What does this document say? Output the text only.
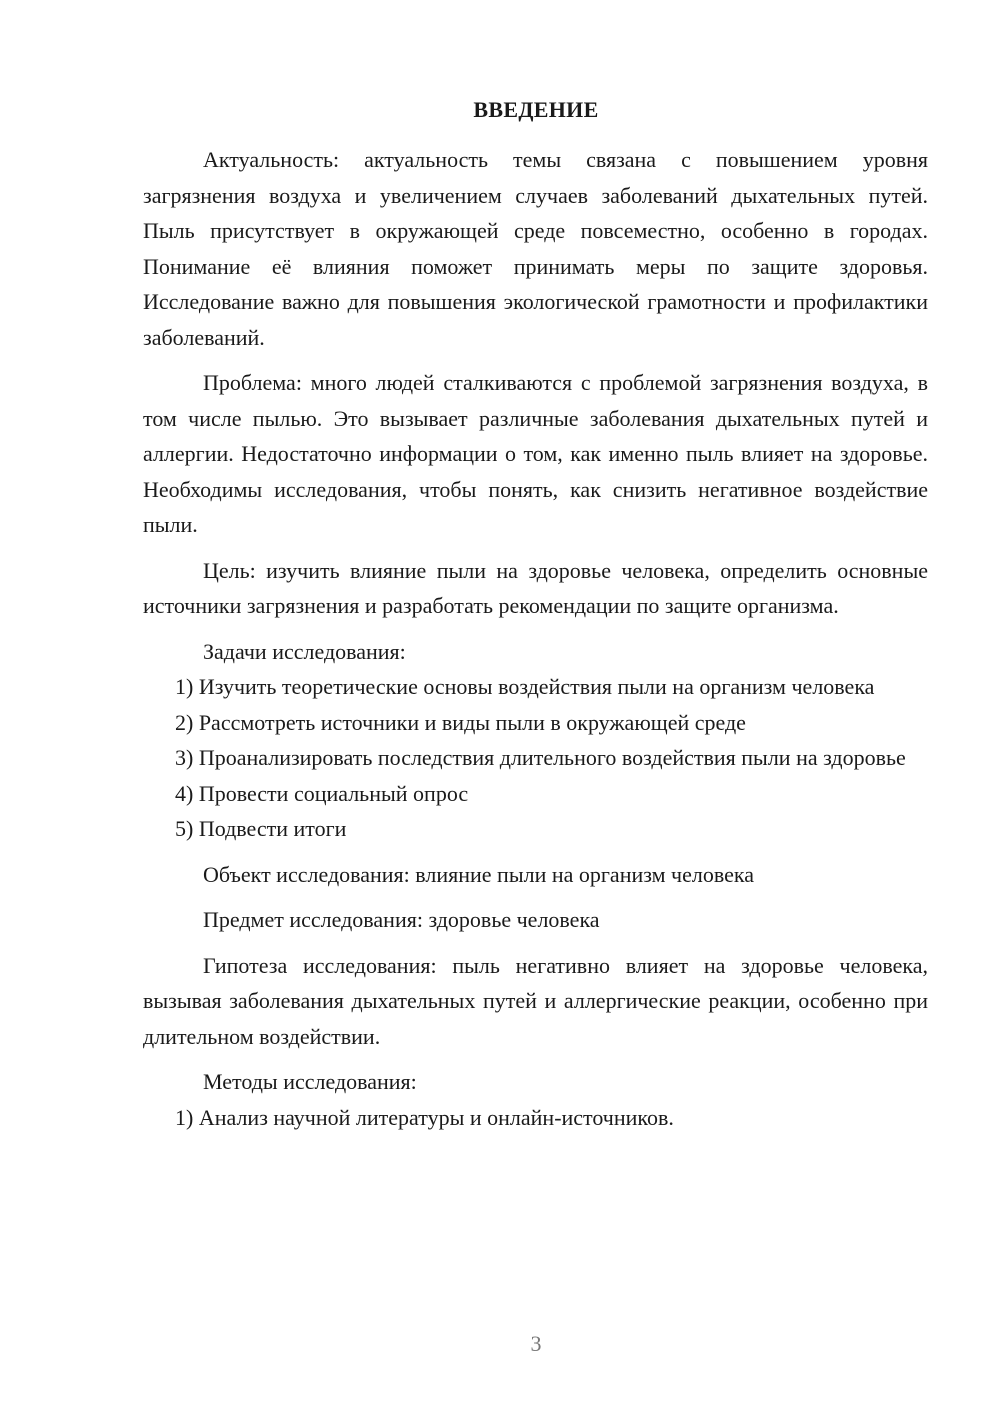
ВВЕДЕНИЕ

Актуальность: актуальность темы связана с повышением уровня загрязнения воздуха и увеличением случаев заболеваний дыхательных путей. Пыль присутствует в окружающей среде повсеместно, особенно в городах. Понимание её влияния поможет принимать меры по защите здоровья. Исследование важно для повышения экологической грамотности и профилактики заболеваний.

Проблема: много людей сталкиваются с проблемой загрязнения воздуха, в том числе пылью. Это вызывает различные заболевания дыхательных путей и аллергии. Недостаточно информации о том, как именно пыль влияет на здоровье. Необходимы исследования, чтобы понять, как снизить негативное воздействие пыли.

Цель: изучить влияние пыли на здоровье человека, определить основные источники загрязнения и разработать рекомендации по защите организма.

Задачи исследования:

1) Изучить теоретические основы воздействия пыли на организм человека

2) Рассмотреть источники и виды пыли в окружающей среде

3) Проанализировать последствия длительного воздействия пыли на здоровье

4) Провести социальный опрос

5) Подвести итоги

Объект исследования: влияние пыли на организм человека

Предмет исследования: здоровье человека

Гипотеза исследования: пыль негативно влияет на здоровье человека, вызывая заболевания дыхательных путей и аллергические реакции, особенно при длительном воздействии.

Методы исследования:

1) Анализ научной литературы и онлайн-источников.

3
